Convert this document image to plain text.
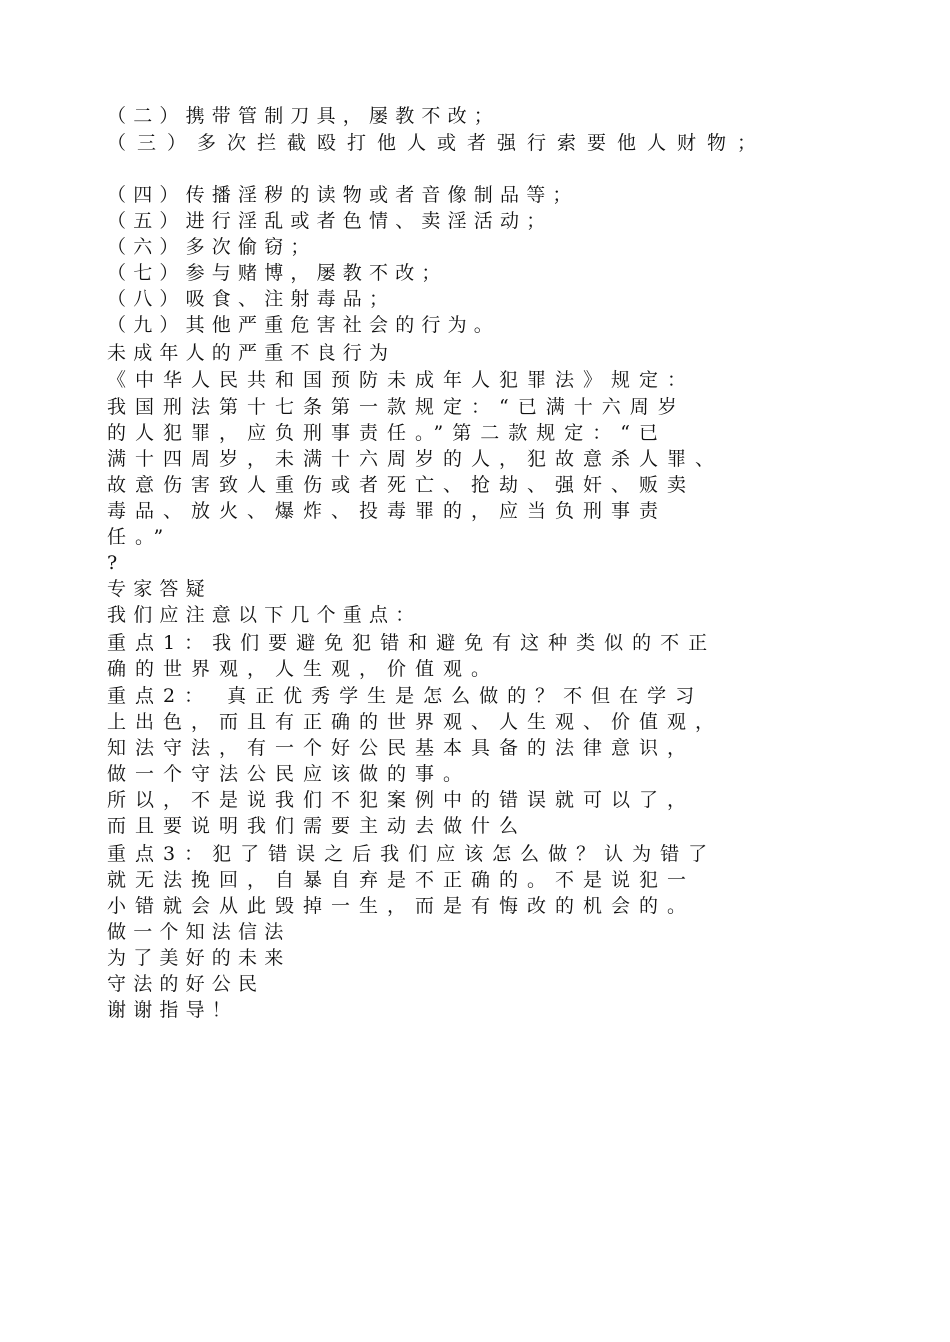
（二）携带管制刀具，屡教不改；
（三）多次拦截殴打他人或者强行索要他人财物；
（四）传播淫秽的读物或者音像制品等；
（五）进行淫乱或者色情、卖淫活动；
（六）多次偷窃；
（七）参与赌博，屡教不改；
（八）吸食、注射毒品；
（九）其他严重危害社会的行为。
未成年人的严重不良行为
《中华人民共和国预防未成年人犯罪法》规定：
我国刑法第十七条第一款规定：“已满十六周岁
的人犯罪，应负刑事责任。”第二款规定：“已
满十四周岁，未满十六周岁的人，犯故意杀人罪、
故意伤害致人重伤或者死亡、抢劫、强奸、贩卖
毒品、放火、爆炸、投毒罪的，应当负刑事责
任。”
?
专家答疑
我们应注意以下几个重点：
重点1：我们要避免犯错和避免有这种类似的不正
确的世界观，人生观，价值观。
重点2： 真正优秀学生是怎么做的？不但在学习
上出色，而且有正确的世界观、人生观、价值观，
知法守法，有一个好公民基本具备的法律意识，
做一个守法公民应该做的事。
所以，不是说我们不犯案例中的错误就可以了，
而且要说明我们需要主动去做什么
重点3：犯了错误之后我们应该怎么做？认为错了
就无法挽回，自暴自弃是不正确的。不是说犯一
小错就会从此毁掉一生，而是有悔改的机会的。
做一个知法信法
为了美好的未来
守法的好公民
谢谢指导！
